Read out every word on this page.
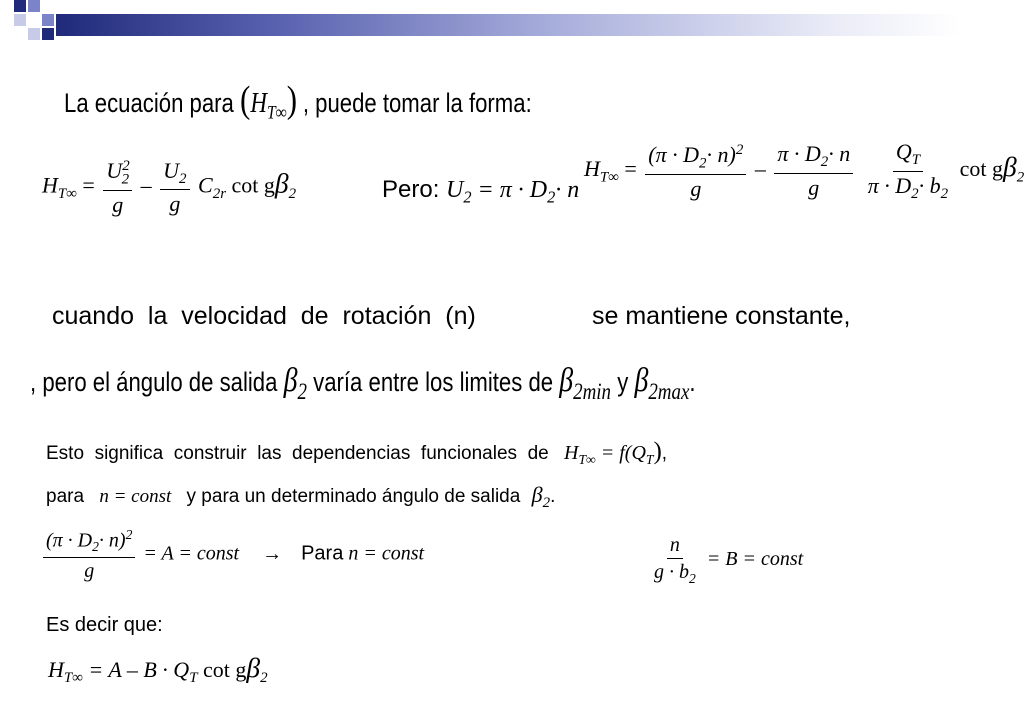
La ecuación para $(H_{T\infty})$ , puede tomar la forma:
$H_{T\infty} = \frac{U^2_2}{g} - \frac{U_2}{g} C_{2r}$ $\cot g\beta_2$	Pero: $U_2 = \pi \cdot D_2\cdot n$
$H_{T\infty} = \frac{(\pi \cdot D_2\cdot n)^2}{g} - \frac{\pi \cdot D_2\cdot n}{g}$
$\frac{Q_T}{\pi \cdot D_2\cdot b_2}$ $\cot g\beta_2$
cuando  la  velocidad  de  rotación  (n)	se mantiene constante,
, pero el ángulo de salida $\beta_2$ varía entre los limites de $\beta_{2min}$ y $\beta_{2max}$.
Esto  significa  construir  las  dependencias  funcionales  de $H_{T\infty} = f(Q_T)$,
para n = const y para un determinado ángulo de salida $\beta_2$.
$\frac{(\pi \cdot D_2\cdot n)^2}{g} = A$ = const → Para n = const	$\frac{n}{g \cdot b_2} = B$ = const
Es decir que:
$H_{T\infty} = A - B \cdot Q_T$ $\cot g\beta_2$
